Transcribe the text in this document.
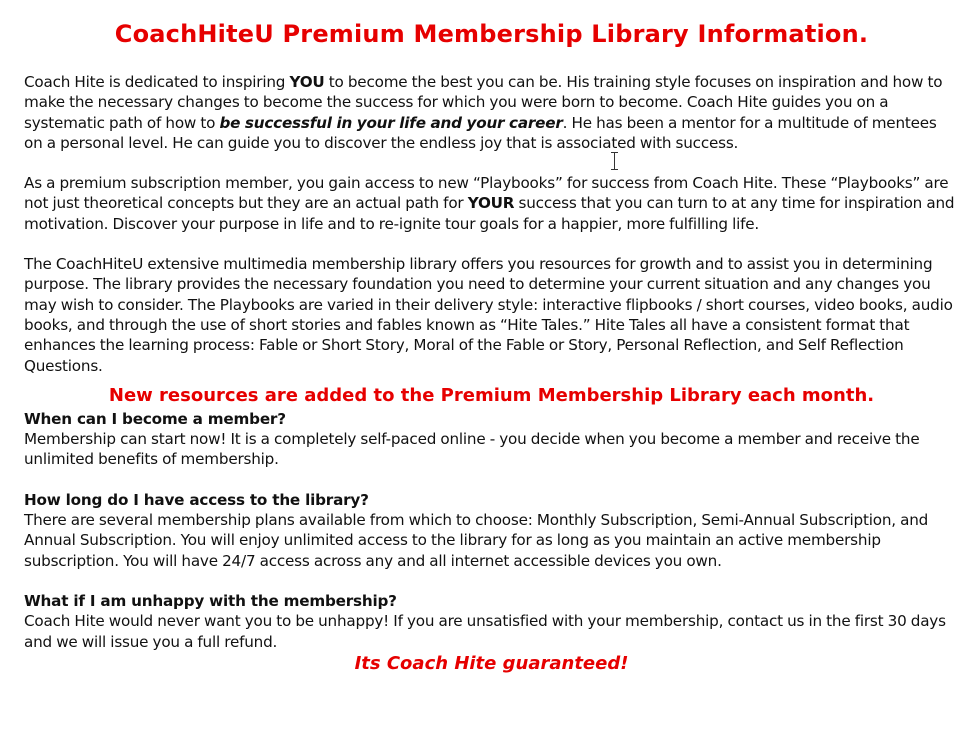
CoachHiteU Premium Membership Library Information.

Coach Hite is dedicated to inspiring YOU to become the best you can be. His training style focuses on inspiration and how to make the necessary changes to become the success for which you were born to become. Coach Hite guides you on a systematic path of how to be successful in your life and your career. He has been a mentor for a multitude of mentees on a personal level. He can guide you to discover the endless joy that is associated with success.

As a premium subscription member, you gain access to new “Playbooks” for success from Coach Hite. These “Playbooks” are not just theoretical concepts but they are an actual path for YOUR success that you can turn to at any time for inspiration and motivation. Discover your purpose in life and to re-ignite tour goals for a happier, more fulfilling life.

The CoachHiteU extensive multimedia membership library offers you resources for growth and to assist you in determining purpose. The library provides the necessary foundation you need to determine your current situation and any changes you may wish to consider. The Playbooks are varied in their delivery style: interactive flipbooks / short courses, video books, audio books, and through the use of short stories and fables known as “Hite Tales.” Hite Tales all have a consistent format that enhances the learning process: Fable or Short Story, Moral of the Fable or Story, Personal Reflection, and Self Reflection Questions.

New resources are added to the Premium Membership Library each month.
When can I become a member?

Membership can start now! It is a completely self-paced online - you decide when you become a member and receive the unlimited benefits of membership.

How long do I have access to the library?

There are several membership plans available from which to choose: Monthly Subscription, Semi-Annual Subscription, and Annual Subscription. You will enjoy unlimited access to the library for as long as you maintain an active membership subscription. You will have 24/7 access across any and all internet accessible devices you own.

What if I am unhappy with the membership?

Coach Hite would never want you to be unhappy! If you are unsatisfied with your membership, contact us in the first 30 days and we will issue you a full refund.

Its Coach Hite guaranteed!
